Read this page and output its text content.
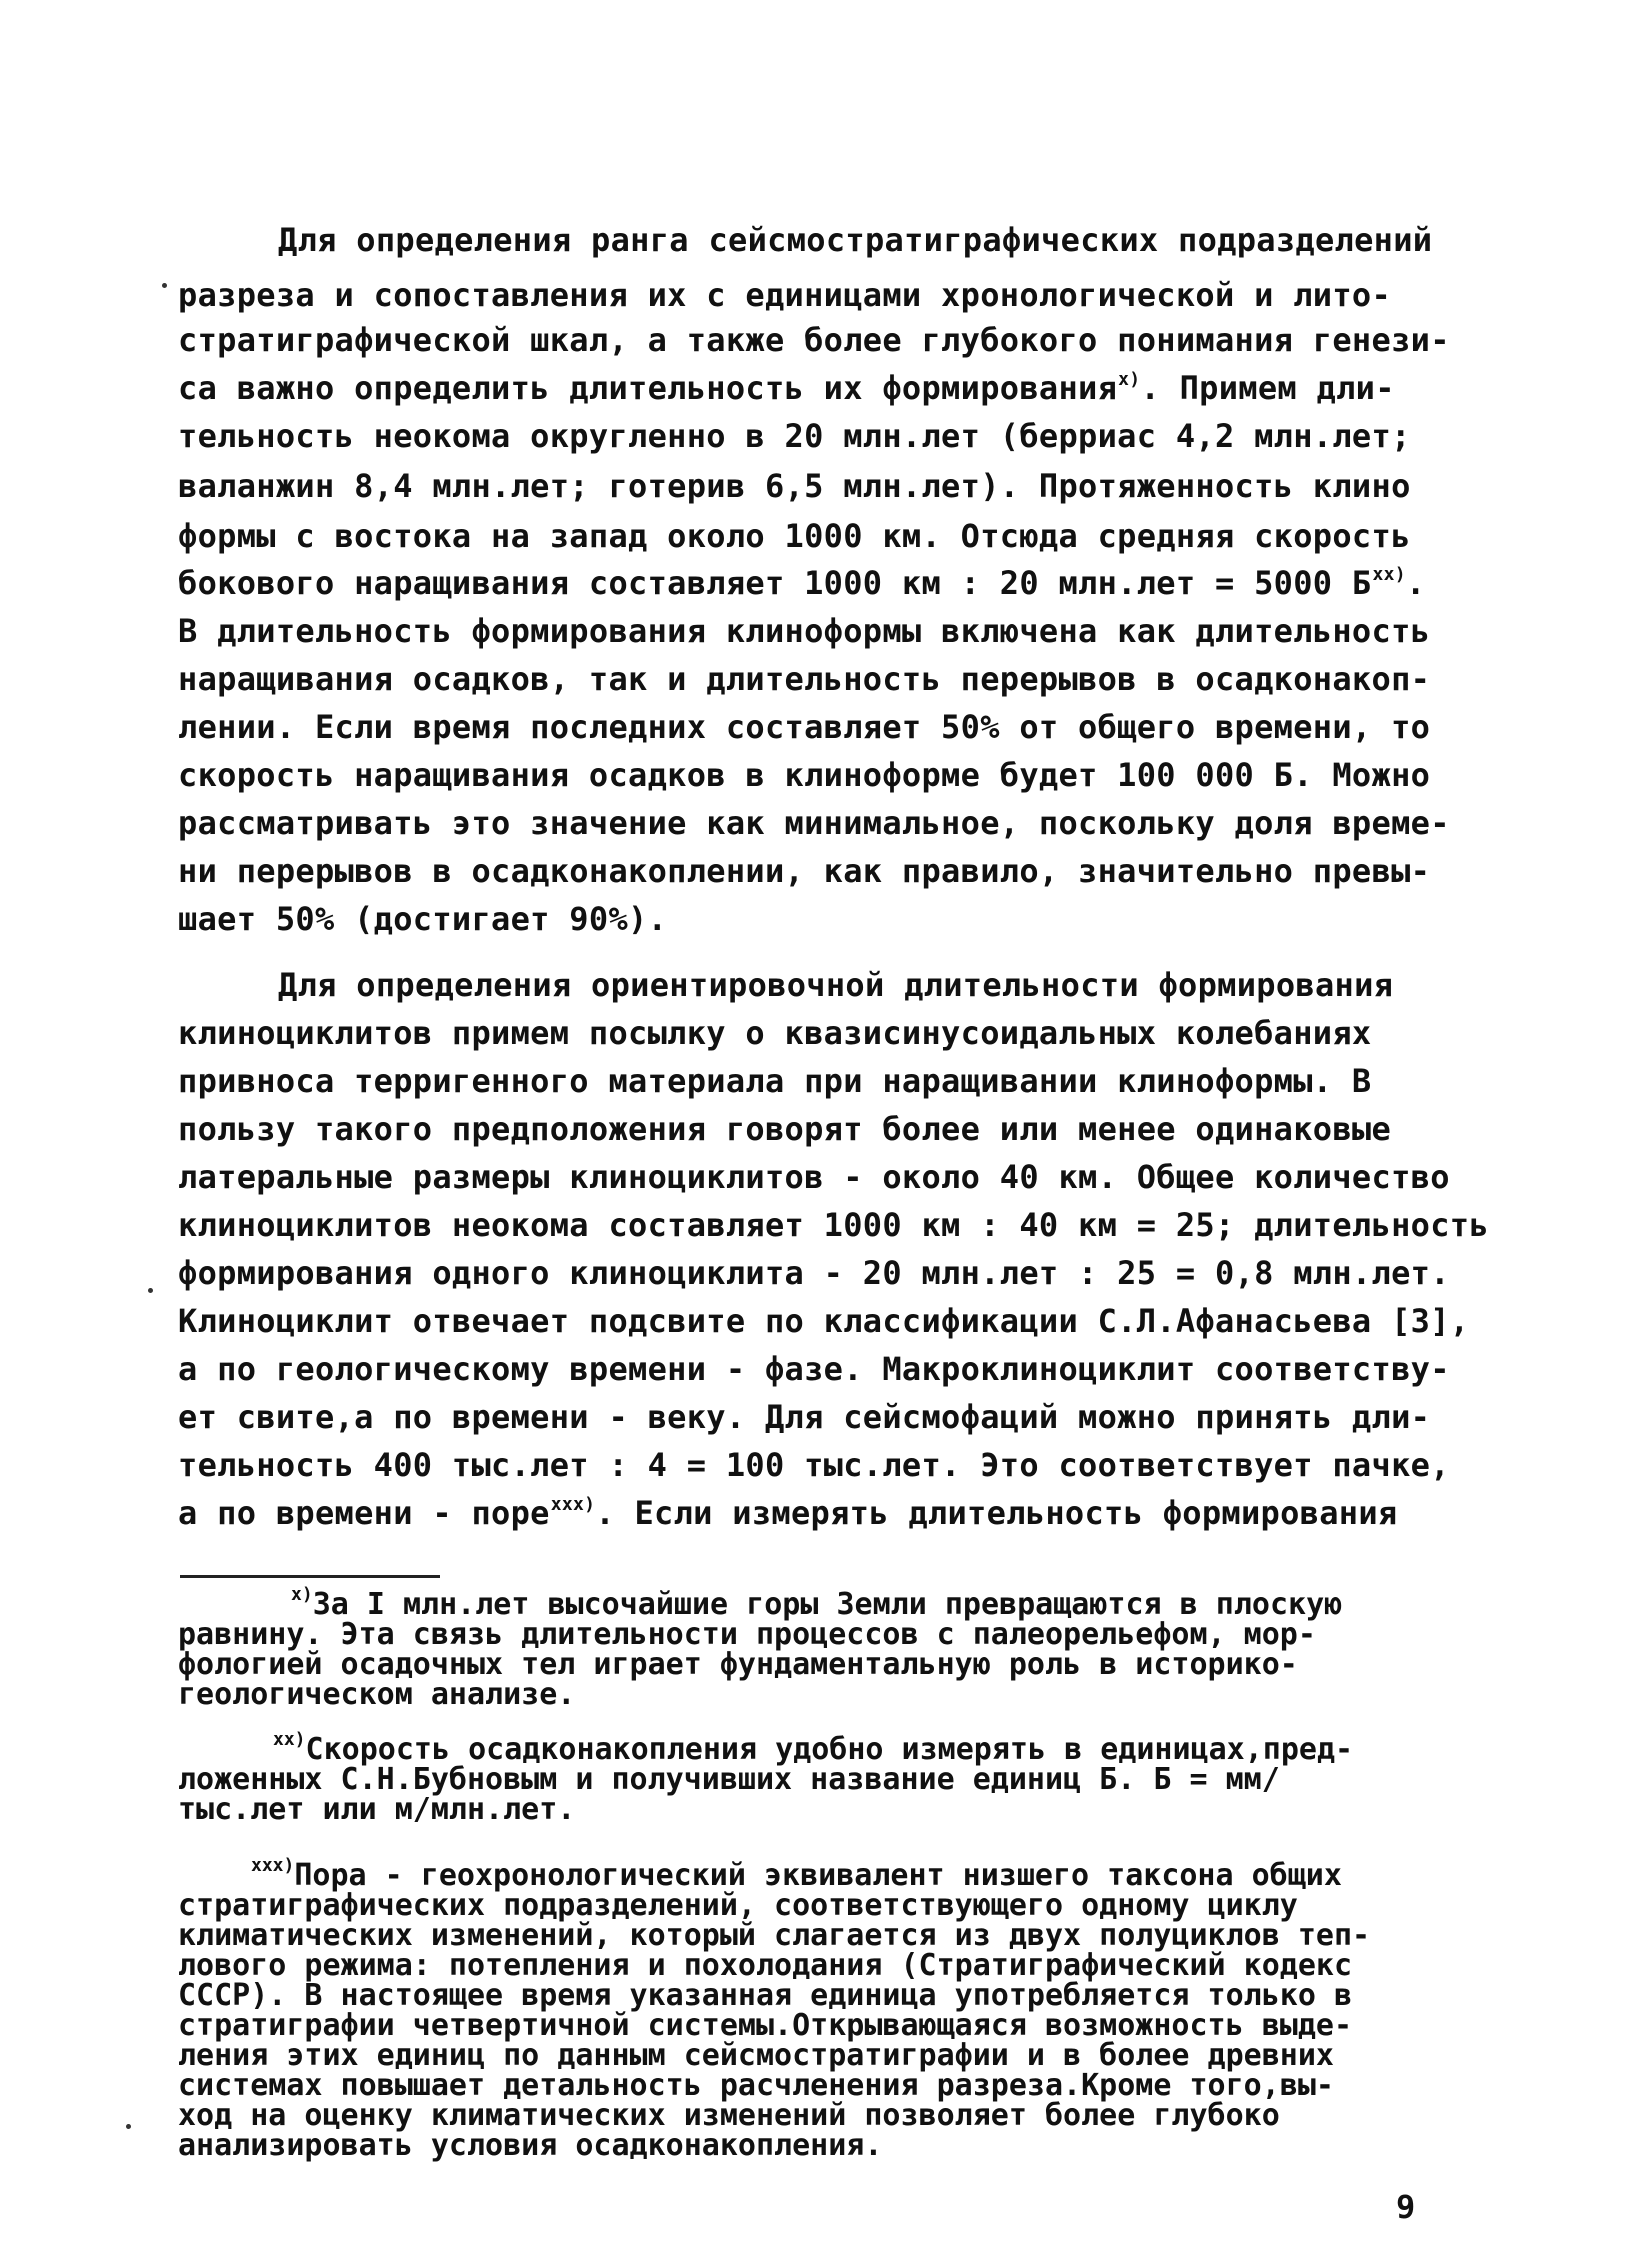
Для определения ранга сейсмостратиграфических подразделений
разреза и сопоставления их с единицами хронологической и лито-
стратиграфической шкал, а также более глубокого понимания генези-
са важно определить длительность их формирования$^{x)}$. Примем дли-
тельность неокома округленно в 20 млн.лет (берриас 4,2 млн.лет;
валанжин 8,4 млн.лет; готерив 6,5 млн.лет). Протяженность клино
формы с востока на запад около 1000 км. Отсюда средняя скорость
бокового наращивания составляет 1000 км : 20 млн.лет = 5000 $Б^{xx)}$.
В длительность формирования клиноформы включена как длительность
наращивания осадков, так и длительность перерывов в осадконакоп-
лении. Если время последних составляет 50% от общего времени, то
скорость наращивания осадков в клиноформе будет 100 000 Б. Можно
рассматривать это значение как минимальное, поскольку доля време-
ни перерывов в осадконакоплении, как правило, значительно превы-
шает 50% (достигает 90%).
Для определения ориентировочной длительности формирования
клиноциклитов примем посылку о квазисинусоидальных колебаниях
привноса терригенного материала при наращивании клиноформы. В
пользу такого предположения говорят более или менее одинаковые
латеральные размеры клиноциклитов - около 40 км. Общее количество
клиноциклитов неокома составляет 1000 км : 40 км = 25; длительность
формирования одного клиноциклита - 20 млн.лет : 25 = 0,8 млн.лет.
Клиноциклит отвечает подсвите по классификации С.Л.Афанасьева [3],
а по геологическому времени - фазе. Макроклиноциклит соответству-
ет свите,а по времени - веку. Для сейсмофаций можно принять дли-
тельность 400 тыс.лет : 4 = 100 тыс.лет. Это соответствует пачке,
а по времени - поре$^{xxx)}$. Если измерять длительность формирования
$^{x)}$За I млн.лет высочайшие горы Земли превращаются в плоскую
равнину. Эта связь длительности процессов с палеорельефом, мор-
фологией осадочных тел играет фундаментальную роль в историко-
геологическом анализе.
$^{xx)}$Скорость осадконакопления удобно измерять в единицах,пред-
ложенных С.Н.Бубновым и получивших название единиц Б. Б = мм/
тыс.лет или м/млн.лет.
$^{xxx)}$Пора - геохронологический эквивалент низшего таксона общих
стратиграфических подразделений, соответствующего одному циклу
климатических изменений, который слагается из двух полуциклов теп-
лового режима: потепления и похолодания (Стратиграфический кодекс
СССР). В настоящее время указанная единица употребляется только в
стратиграфии четвертичной системы.Открывающаяся возможность выде-
ления этих единиц по данным сейсмостратиграфии и в более древних
системах повышает детальность расчленения разреза.Кроме того,вы-
ход на оценку климатических изменений позволяет более глубоко
анализировать условия осадконакопления.
9
